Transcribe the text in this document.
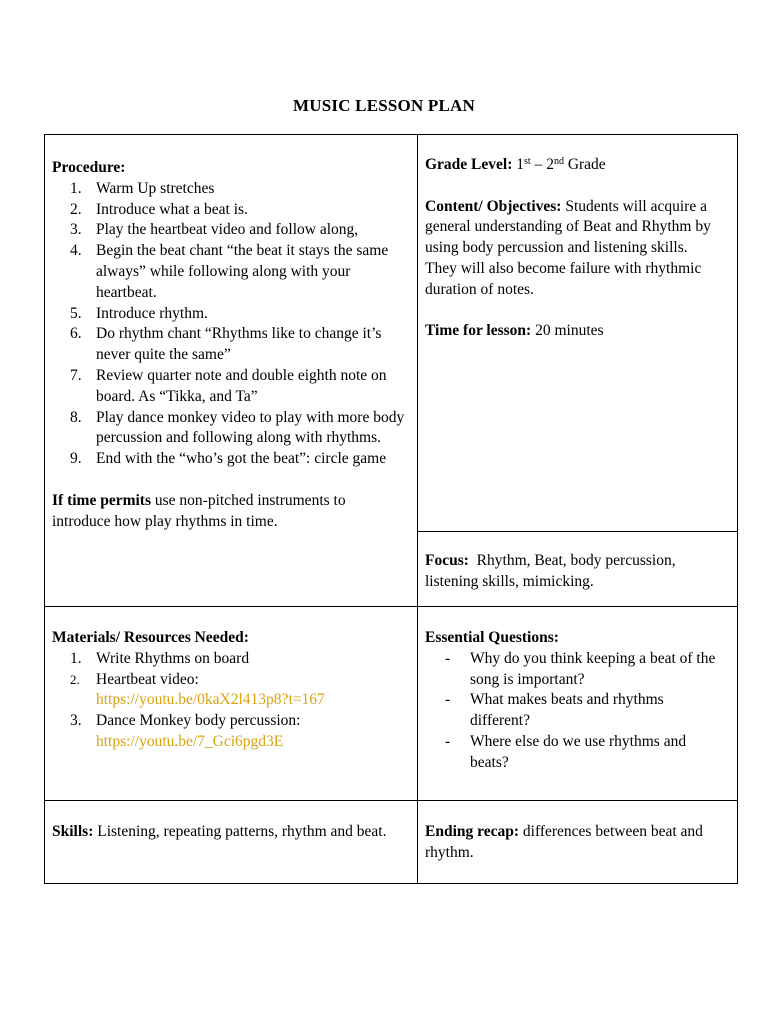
MUSIC LESSON PLAN

Procedure:

1. Warm Up stretches
2. Introduce what a beat is.
3. Play the heartbeat video and follow along,
4. Begin the beat chant “the beat it stays the same always” while following along with your heartbeat.
5. Introduce rhythm.
6. Do rhythm chant “Rhythms like to change it’s never quite the same”
7. Review quarter note and double eighth note on board. As “Tikka, and Ta”
8. Play dance monkey video to play with more body percussion and following along with rhythms.
9. End with the “who’s got the beat”: circle game

If time permits use non-pitched instruments to introduce how play rhythms in time.

Grade Level: 1st – 2nd Grade

Content/ Objectives: Students will acquire a general understanding of Beat and Rhythm by using body percussion and listening skills.

They will also become failure with rhythmic duration of notes.

Time for lesson: 20 minutes

Focus:  Rhythm, Beat, body percussion, listening skills, mimicking.

Materials/ Resources Needed:

1. Write Rhythms on board
2.	Heartbeat video:
https://youtu.be/0kaX2l413p8?t=167
3. Dance Monkey body percussion:
https://youtu.be/7_Gci6pgd3E

Essential Questions:

- Why do you think keeping a beat of the song is important?
- What makes beats and rhythms different?
- Where else do we use rhythms and beats?

Skills: Listening, repeating patterns, rhythm and beat.	Ending recap: differences between beat and rhythm.
